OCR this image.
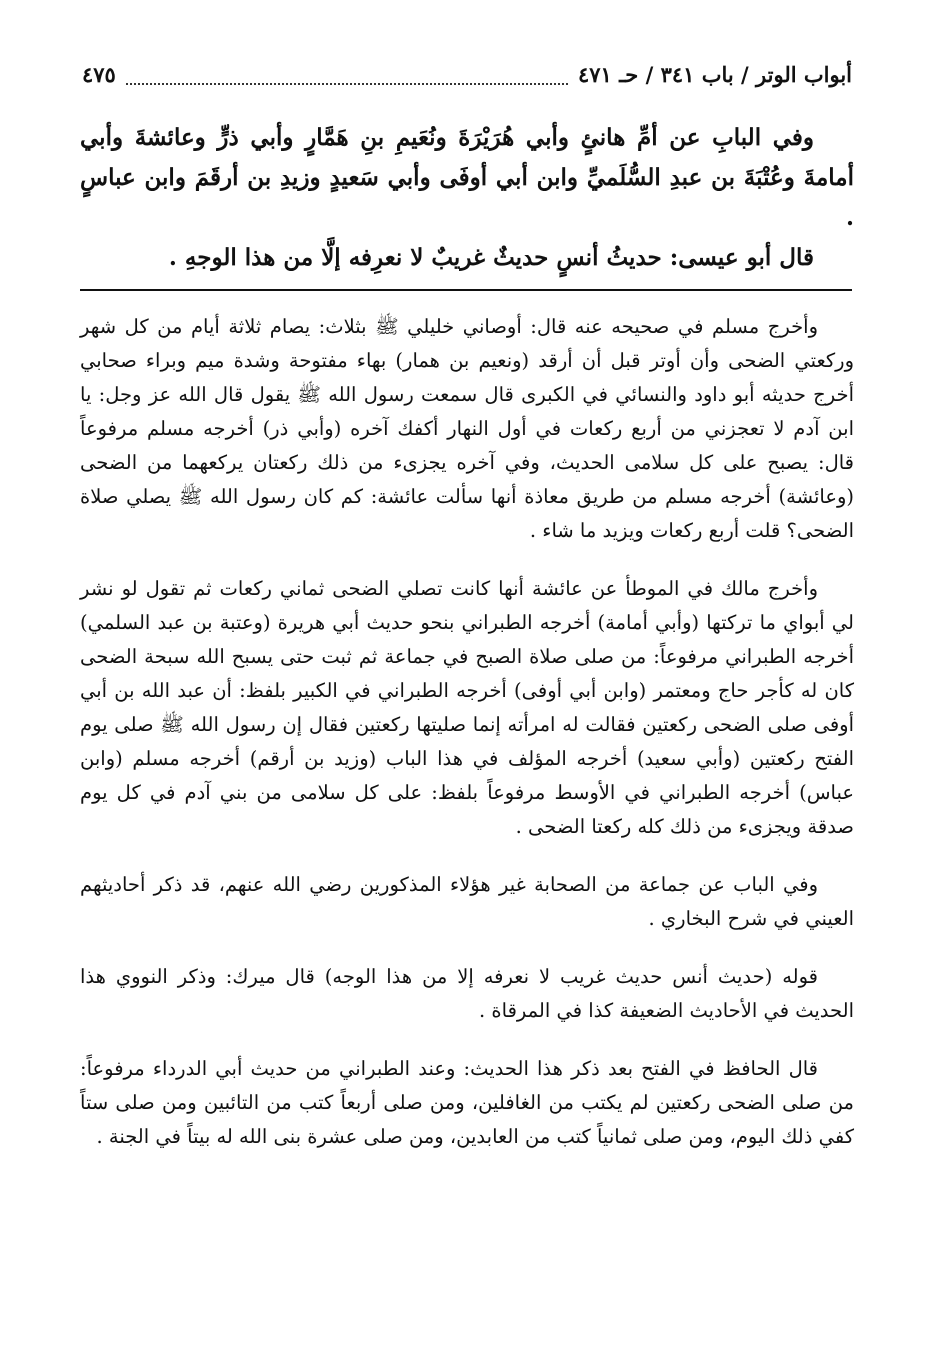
أبواب الوتر / باب ٣٤١ / حـ ٤٧١
٤٧٥

وفي البابِ عن أمِّ هانئٍ وأبي هُرَيْرَةَ ونُعَيمِ بنِ هَمَّارٍ وأبي ذرٍّ وعائشةَ وأبي أمامةَ وعُتْبَةَ بن عبدِ السُّلَميِّ وابن أبي أوفَى وأبي سَعيدٍ وزيدِ بن أرقَمَ وابن عباسٍ .

قال أبو عيسى: حديثُ أنسٍ حديثٌ غريبٌ لا نعرِفه إلَّا من هذا الوجهِ .

وأخرج مسلم في صحيحه عنه قال: أوصاني خليلي ﷺ بثلاث: يصام ثلاثة أيام من كل شهر وركعتي الضحى وأن أوتر قبل أن أرقد (ونعيم بن همار) بهاء مفتوحة وشدة ميم وبراء صحابي أخرج حديثه أبو داود والنسائي في الكبرى قال سمعت رسول الله ﷺ يقول قال الله عز وجل: يا ابن آدم لا تعجزني من أربع ركعات في أول النهار أكفك آخره (وأبي ذر) أخرجه مسلم مرفوعاً قال: يصبح على كل سلامى الحديث، وفي آخره يجزىء من ذلك ركعتان يركعهما من الضحى (وعائشة) أخرجه مسلم من طريق معاذة أنها سألت عائشة: كم كان رسول الله ﷺ يصلي صلاة الضحى؟ قلت أربع ركعات ويزيد ما شاء .

وأخرج مالك في الموطأ عن عائشة أنها كانت تصلي الضحى ثماني ركعات ثم تقول لو نشر لي أبواي ما تركتها (وأبي أمامة) أخرجه الطبراني بنحو حديث أبي هريرة (وعتبة بن عبد السلمي) أخرجه الطبراني مرفوعاً: من صلى صلاة الصبح في جماعة ثم ثبت حتى يسبح الله سبحة الضحى كان له كأجر حاج ومعتمر (وابن أبي أوفى) أخرجه الطبراني في الكبير بلفظ: أن عبد الله بن أبي أوفى صلى الضحى ركعتين فقالت له امرأته إنما صليتها ركعتين فقال إن رسول الله ﷺ صلى يوم الفتح ركعتين (وأبي سعيد) أخرجه المؤلف في هذا الباب (وزيد بن أرقم) أخرجه مسلم (وابن عباس) أخرجه الطبراني في الأوسط مرفوعاً بلفظ: على كل سلامى من بني آدم في كل يوم صدقة ويجزىء من ذلك كله ركعتا الضحى .

وفي الباب عن جماعة من الصحابة غير هؤلاء المذكورين رضي الله عنهم، قد ذكر أحاديثهم العيني في شرح البخاري .

قوله (حديث أنس حديث غريب لا نعرفه إلا من هذا الوجه) قال ميرك: وذكر النووي هذا الحديث في الأحاديث الضعيفة كذا في المرقاة .

قال الحافظ في الفتح بعد ذكر هذا الحديث: وعند الطبراني من حديث أبي الدرداء مرفوعاً: من صلى الضحى ركعتين لم يكتب من الغافلين، ومن صلى أربعاً كتب من التائبين ومن صلى ستاً كفي ذلك اليوم، ومن صلى ثمانياً كتب من العابدين، ومن صلى عشرة بنى الله له بيتاً في الجنة .
